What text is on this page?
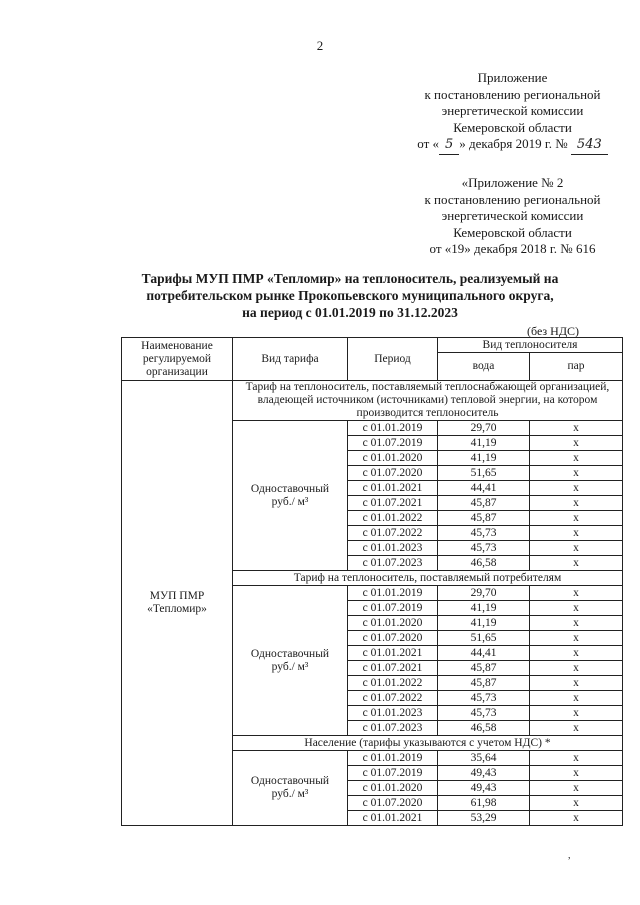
2
Приложение
к постановлению региональной
энергетической комиссии
Кемеровской области
от « 5 » декабря 2019 г. № 543
«Приложение № 2
к постановлению региональной
энергетической комиссии
Кемеровской области
от «19» декабря 2018 г. № 616
Тарифы МУП ПМР «Тепломир» на теплоноситель, реализуемый на
потребительском рынке Прокопьевского муниципального округа,
на период с 01.01.2019 по 31.12.2023
(без НДС)
Наименование регулируемой организации	Вид тарифа	Период	Вид теплоносителя	
			вода	пар

МУП ПМР
«Тепломир»	Тариф на теплоноситель, поставляемый теплоснабжающей организацией, владеющей источником (источниками) тепловой энергии, на котором производится теплоноситель			

	Одноставочный
руб./ м³	с 01.01.2019	29,70	х
		с 01.07.2019	41,19	х
		с 01.01.2020	41,19	х
		с 01.07.2020	51,65	х
		с 01.01.2021	44,41	х
		с 01.07.2021	45,87	х
		с 01.01.2022	45,87	х
		с 01.07.2022	45,73	х
		с 01.01.2023	45,73	х
		с 01.07.2023	46,58	х
	Тариф на теплоноситель, поставляемый потребителям			

	Одноставочный
руб./ м³	с 01.01.2019	29,70	х
		с 01.07.2019	41,19	х
		с 01.01.2020	41,19	х
		с 01.07.2020	51,65	х
		с 01.01.2021	44,41	х
		с 01.07.2021	45,87	х
		с 01.01.2022	45,87	х
		с 01.07.2022	45,73	х
		с 01.01.2023	45,73	х
		с 01.07.2023	46,58	х
	Население (тарифы указываются с учетом НДС) *			

	Одноставочный
руб./ м³	с 01.01.2019	35,64	х
		с 01.07.2019	49,43	х
		с 01.01.2020	49,43	х
		с 01.07.2020	61,98	х
		с 01.01.2021	53,29	х
,
